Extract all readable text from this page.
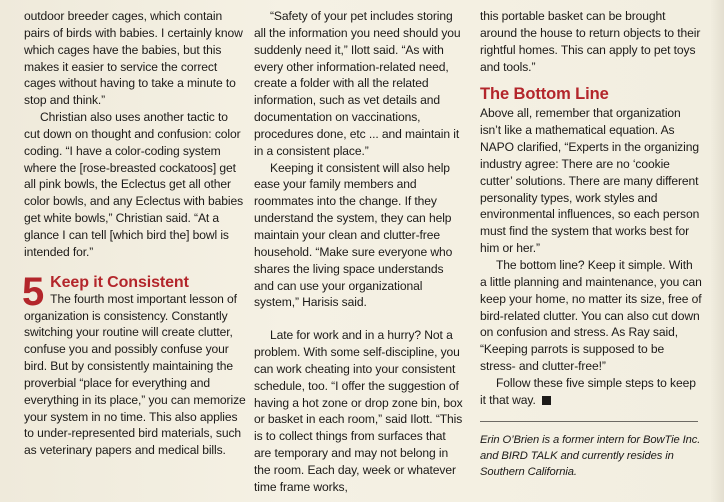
outdoor breeder cages, which contain pairs of birds with babies. I certainly know which cages have the babies, but this makes it easier to service the correct cages without having to take a minute to stop and think.”

Christian also uses another tactic to cut down on thought and confusion: color coding. “I have a color-coding system where the [rose-breasted cockatoos] get all pink bowls, the Eclectus get all other color bowls, and any Eclectus with babies get white bowls,” Christian said. “At a glance I can tell [which bird the] bowl is intended for.”

5 Keep it Consistent

The fourth most important lesson of organization is consistency. Constantly switching your routine will create clutter, confuse you and possibly confuse your bird. But by consistently maintaining the proverbial “place for everything and everything in its place,” you can memorize your system in no time. This also applies to under-represented bird materials, such as veterinary papers and medical bills.

“Safety of your pet includes storing all the information you need should you suddenly need it,” Ilott said. “As with every other information-related need, create a folder with all the related information, such as vet details and documentation on vaccinations, procedures done, etc ... and maintain it in a consistent place.”

Keeping it consistent will also help ease your family members and roommates into the change. If they understand the system, they can help maintain your clean and clutter-free household. “Make sure everyone who shares the living space understands and can use your organizational system,” Harisis said.

Late for work and in a hurry? Not a problem. With some self-discipline, you can work cheating into your consistent schedule, too. “I offer the suggestion of having a hot zone or drop zone bin, box or basket in each room,” said Ilott. “This is to collect things from surfaces that are temporary and may not belong in the room. Each day, week or whatever time frame works,

this portable basket can be brought around the house to return objects to their rightful homes. This can apply to pet toys and tools.”

The Bottom Line

Above all, remember that organization isn’t like a mathematical equation. As NAPO clarified, “Experts in the organizing industry agree: There are no ‘cookie cutter’ solutions. There are many different personality types, work styles and environmental influences, so each person must find the system that works best for him or her.”

The bottom line? Keep it simple. With a little planning and maintenance, you can keep your home, no matter its size, free of bird-related clutter. You can also cut down on confusion and stress. As Ray said, “Keeping parrots is supposed to be stress- and clutter-free!”

Follow these five simple steps to keep it that way.

Erin O’Brien is a former intern for BowTie Inc. and BIRD TALK and currently resides in Southern California.
